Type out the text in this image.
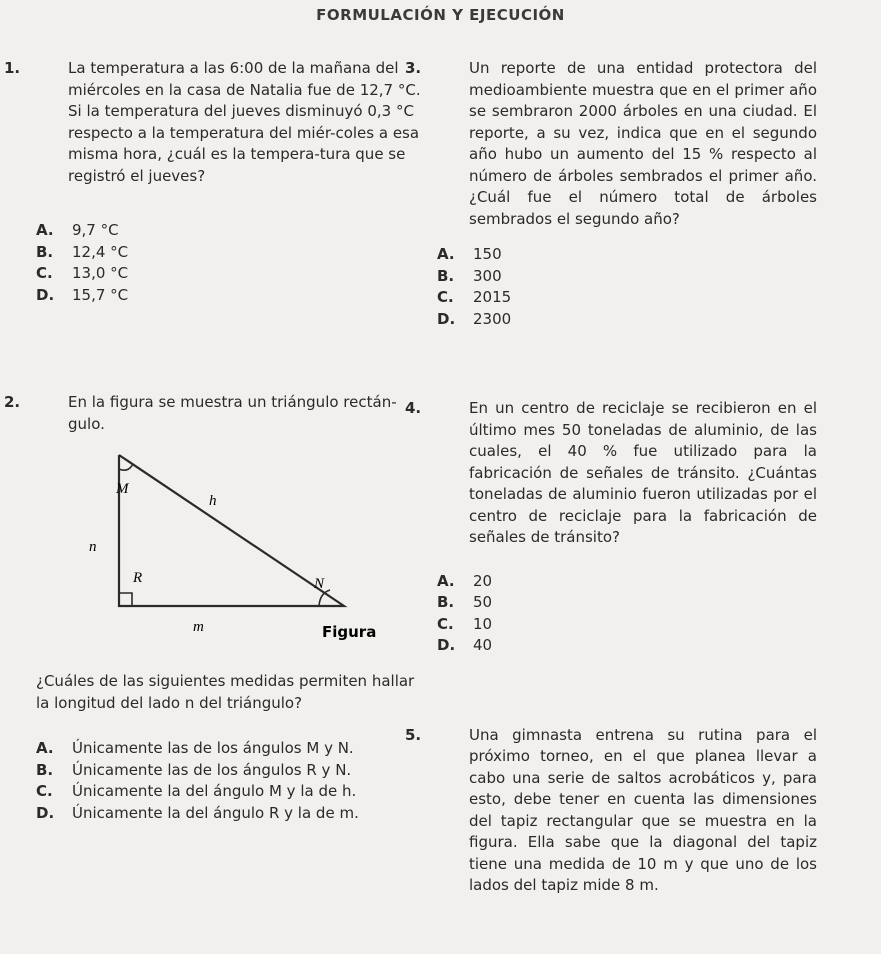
FORMULACIÓN Y EJECUCIÓN
1.	La temperatura a las 6:00 de la mañana del miércoles en la casa de Natalia fue de 12,7 °C. Si la temperatura del jueves disminuyó 0,3 °C respecto a la temperatura del miér-coles a esa misma hora, ¿cuál es la tempera-tura que se registró el jueves?
A.	9,7 °C
B.	12,4 °C
C.	13,0 °C
D.	15,7 °C
2.	En la figura se muestra un triángulo rectán-gulo.
M
h
n
R	N
m	Figura
¿Cuáles de las siguientes medidas permiten hallar la longitud del lado n del triángulo?
A.	Únicamente las de los ángulos M y N.
B.	Únicamente las de los ángulos R y N.
C.	Únicamente la del ángulo M y la de h.
D.	Únicamente la del ángulo R y la de m.
3.	Un reporte de una entidad protectora del medioambiente muestra que en el primer año se sembraron 2000 árboles en una ciudad. El reporte, a su vez, indica que en el segundo año hubo un aumento del 15 % respecto al número de árboles sembrados el primer año. ¿Cuál fue el número total de árboles sembrados el segundo año?
A.	150
B.	300
C.	2015
D.	2300
4.	En un centro de reciclaje se recibieron en el último mes 50 toneladas de aluminio, de las cuales, el 40 % fue utilizado para la fabricación de señales de tránsito. ¿Cuántas toneladas de aluminio fueron utilizadas por el centro de reciclaje para la fabricación de señales de tránsito?
A.	20
B.	50
C.	10
D.	40
5.	Una gimnasta entrena su rutina para el próximo torneo, en el que planea llevar a cabo una serie de saltos acrobáticos y, para esto, debe tener en cuenta las dimensiones del tapiz rectangular que se muestra en la figura. Ella sabe que la diagonal del tapiz tiene una medida de 10 m y que uno de los lados del tapiz mide 8 m.
